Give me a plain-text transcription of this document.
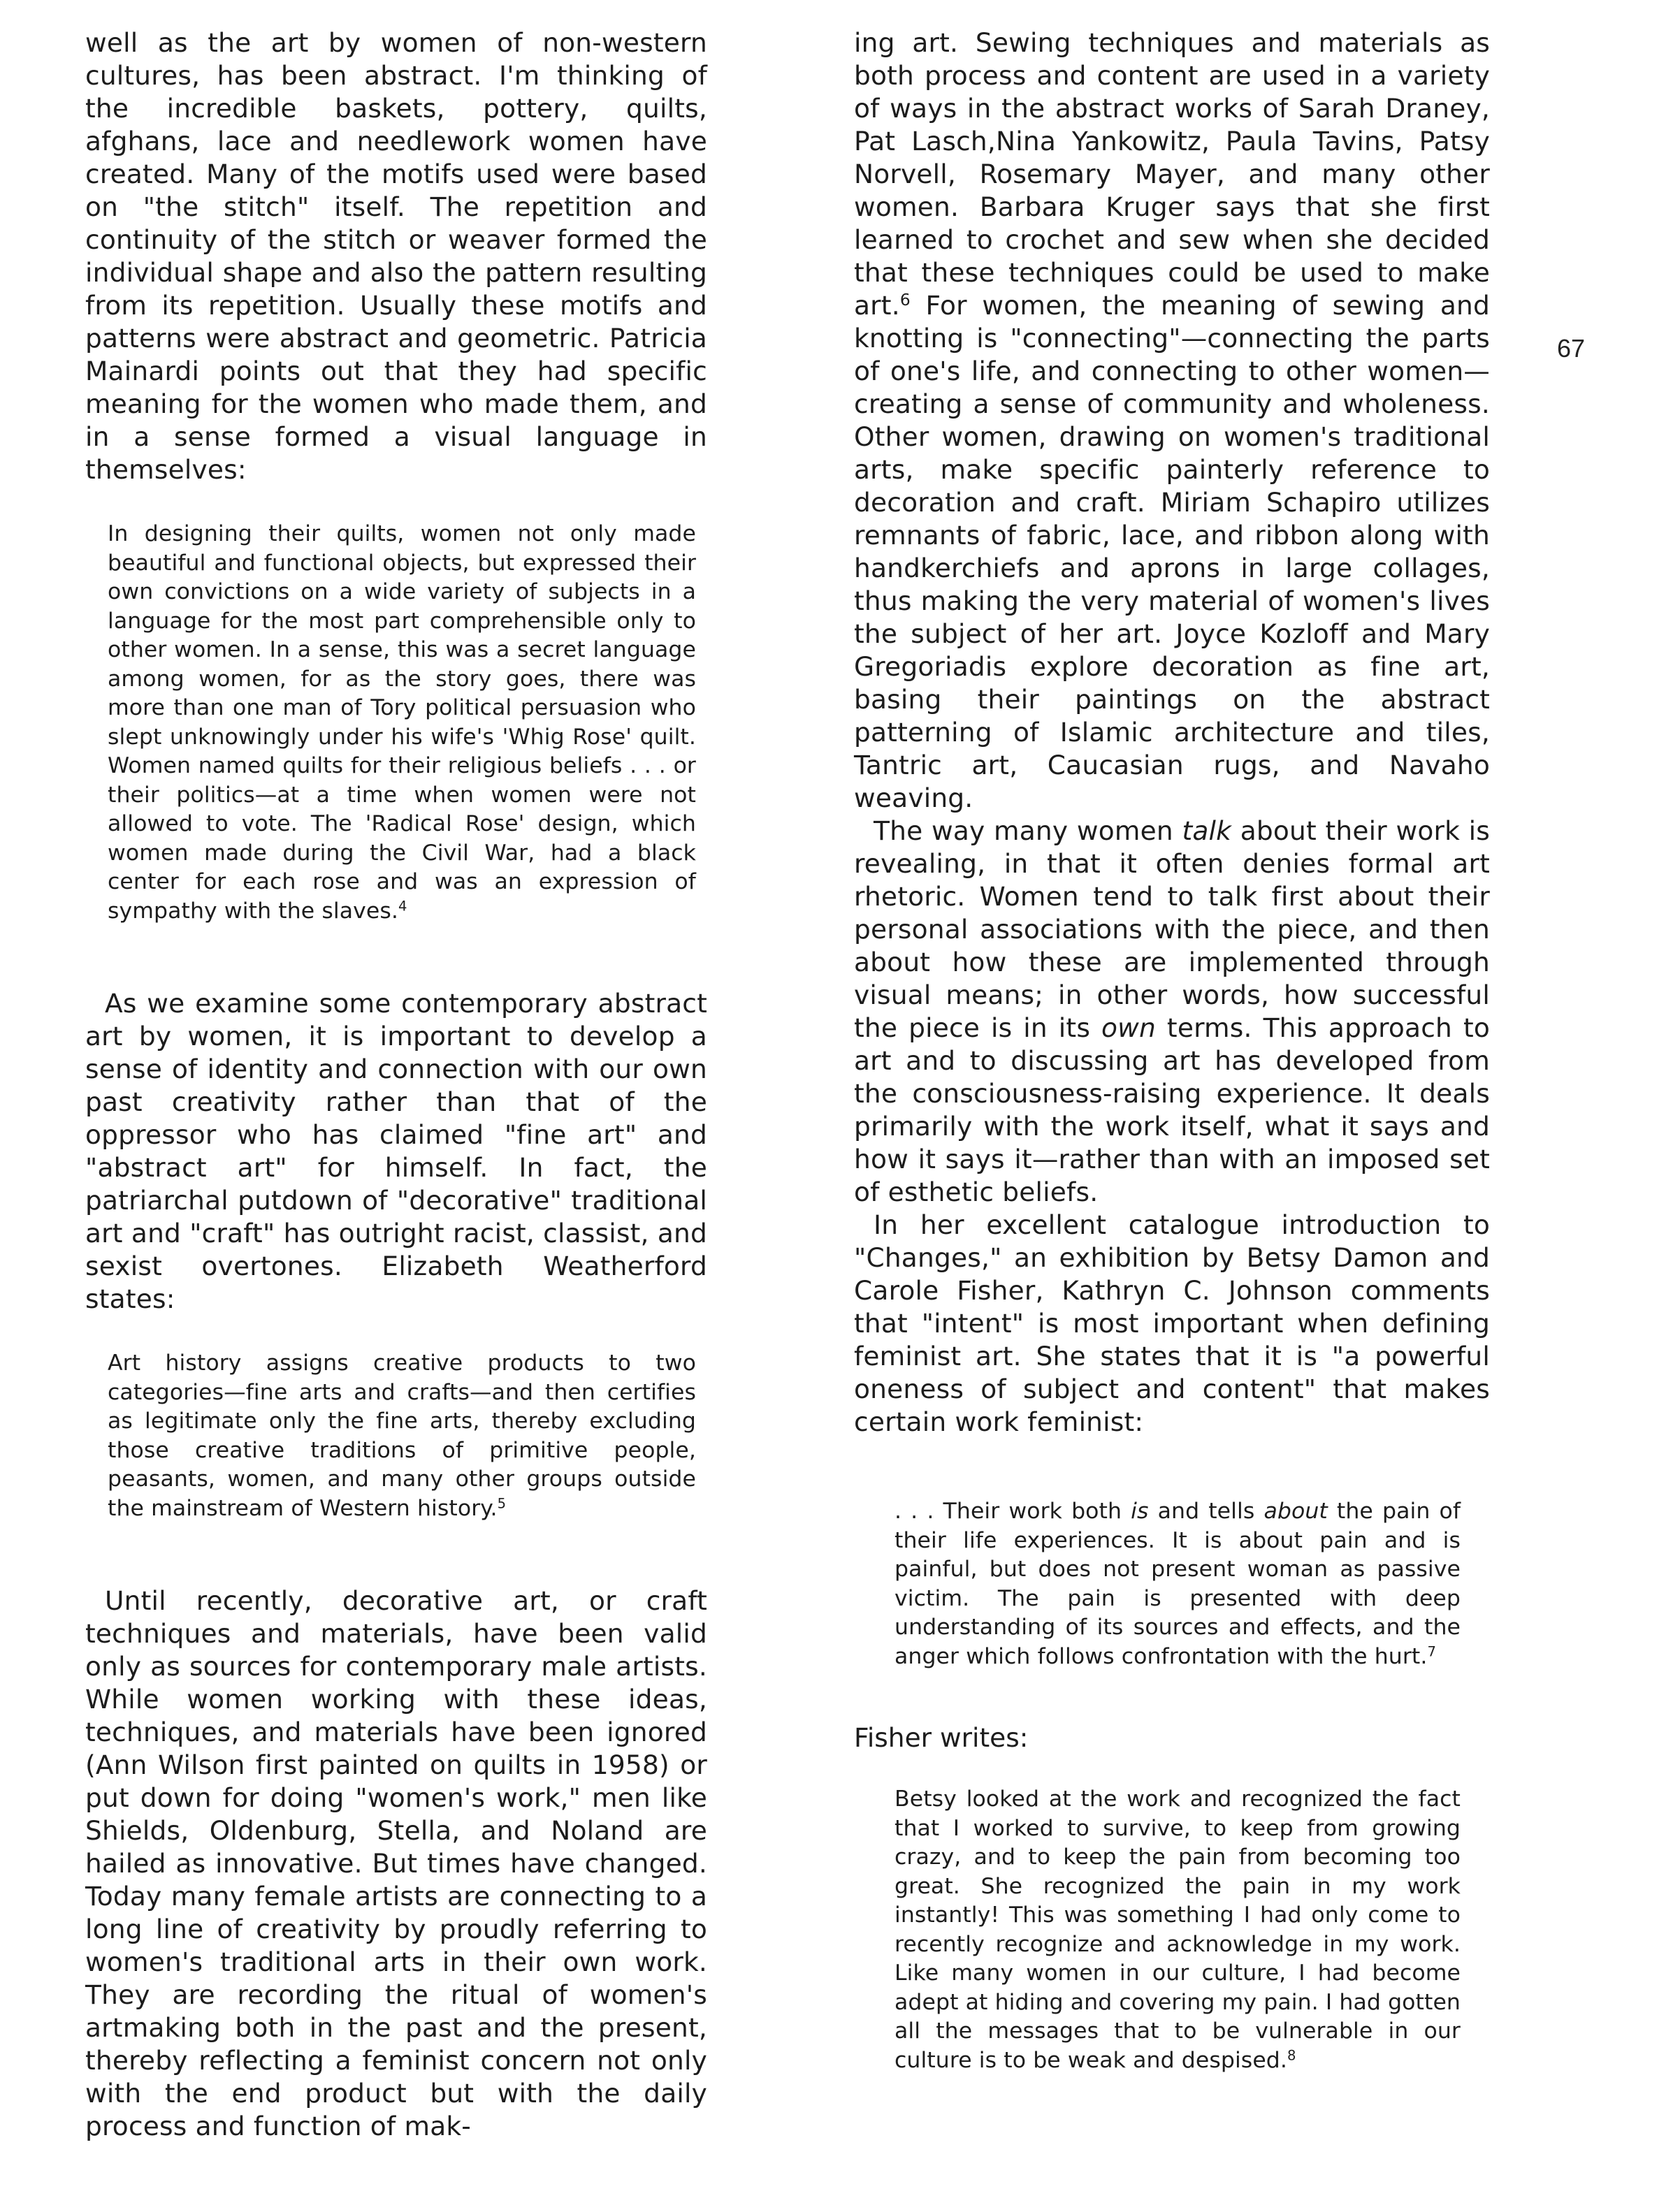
67

well as the art by women of non-western cultures, has been abstract. I'm thinking of the incredible baskets, pottery, quilts, afghans, lace and needlework women have created. Many of the motifs used were based on "the stitch" itself. The repetition and continuity of the stitch or weaver formed the individual shape and also the pattern resulting from its repetition. Usually these motifs and patterns were abstract and geometric. Patricia Mainardi points out that they had specific meaning for the women who made them, and in a sense formed a visual language in themselves:

In designing their quilts, women not only made beautiful and functional objects, but expressed their own convictions on a wide variety of subjects in a language for the most part comprehensible only to other women. In a sense, this was a secret language among women, for as the story goes, there was more than one man of Tory political persuasion who slept unknowingly under his wife's 'Whig Rose' quilt. Women named quilts for their religious beliefs . . . or their politics—at a time when women were not allowed to vote. The 'Radical Rose' design, which women made during the Civil War, had a black center for each rose and was an expression of sympathy with the slaves.$^4$

As we examine some contemporary abstract art by women, it is important to develop a sense of identity and connection with our own past creativity rather than that of the oppressor who has claimed "fine art" and "abstract art" for himself. In fact, the patriarchal putdown of "decorative" traditional art and "craft" has outright racist, classist, and sexist overtones. Elizabeth Weatherford states:

Art history assigns creative products to two categories—fine arts and crafts—and then certifies as legitimate only the fine arts, thereby excluding those creative traditions of primitive people, peasants, women, and many other groups outside the mainstream of Western history.$^5$

Until recently, decorative art, or craft techniques and materials, have been valid only as sources for contemporary male artists. While women working with these ideas, techniques, and materials have been ignored (Ann Wilson first painted on quilts in 1958) or put down for doing "women's work," men like Shields, Oldenburg, Stella, and Noland are hailed as innovative. But times have changed. Today many female artists are connecting to a long line of creativity by proudly referring to women's traditional arts in their own work. They are recording the ritual of women's artmaking both in the past and the present, thereby reflecting a feminist concern not only with the end product but with the daily process and function of mak-

ing art. Sewing techniques and materials as both process and content are used in a variety of ways in the abstract works of Sarah Draney, Pat Lasch,Nina Yankowitz, Paula Tavins, Patsy Norvell, Rosemary Mayer, and many other women. Barbara Kruger says that she first learned to crochet and sew when she decided that these techniques could be used to make art.$^6$ For women, the meaning of sewing and knotting is "connecting"—connecting the parts of one's life, and connecting to other women—creating a sense of community and wholeness. Other women, drawing on women's traditional arts, make specific painterly reference to decoration and craft. Miriam Schapiro utilizes remnants of fabric, lace, and ribbon along with handkerchiefs and aprons in large collages, thus making the very material of women's lives the subject of her art. Joyce Kozloff and Mary Gregoriadis explore decoration as fine art, basing their paintings on the abstract patterning of Islamic architecture and tiles, Tantric art, Caucasian rugs, and Navaho weaving.

The way many women talk about their work is revealing, in that it often denies formal art rhetoric. Women tend to talk first about their personal associations with the piece, and then about how these are implemented through visual means; in other words, how successful the piece is in its own terms. This approach to art and to discussing art has developed from the consciousness-raising experience. It deals primarily with the work itself, what it says and how it says it—rather than with an imposed set of esthetic beliefs.

In her excellent catalogue introduction to "Changes," an exhibition by Betsy Damon and Carole Fisher, Kathryn C. Johnson comments that "intent" is most important when defining feminist art. She states that it is "a powerful oneness of subject and content" that makes certain work feminist:

. . . Their work both is and tells about the pain of their life experiences. It is about pain and is painful, but does not present woman as passive victim. The pain is presented with deep understanding of its sources and effects, and the anger which follows confrontation with the hurt.$^7$

Fisher writes:

Betsy looked at the work and recognized the fact that I worked to survive, to keep from growing crazy, and to keep the pain from becoming too great. She recognized the pain in my work instantly! This was something I had only come to recently recognize and acknowledge in my work. Like many women in our culture, I had become adept at hiding and covering my pain. I had gotten all the messages that to be vulnerable in our culture is to be weak and despised.$^8$
